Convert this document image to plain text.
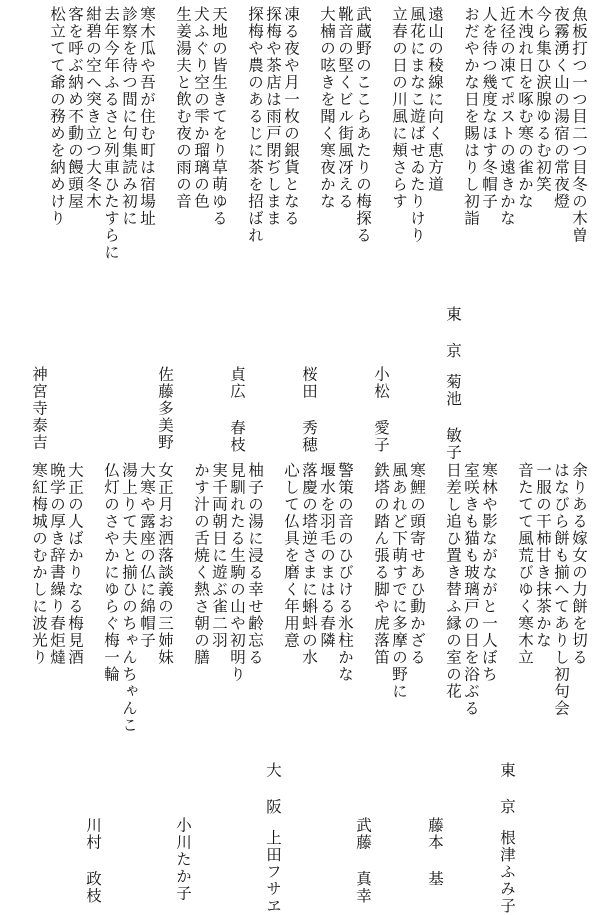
魚板打つ一つ目二つ目冬の木曽
夜霧湧く山の湯宿の常夜燈
今ら集ひ涙腺ゆるむ初笑
木洩れ日を啄む寒の雀かな
近径の凍てポストの遠きかな
人を待つ幾度なほす冬帽子
おだやかな日を賜はりし初詣
東 京菊池 敏子
遠山の稜線に向く恵方道
風花にまなこ遊ばせゐたりけり
立春の日の川風に頬さらす
小松 愛子
武蔵野のここらあたりの梅探る
靴音の堅くビル街風冴える
大楠の呟きを聞く寒夜かな
桜田 秀穂
凍る夜や月一枚の銀貨となる
探梅や茶店は雨戸閉ぢしまま
探梅や農のあるじに茶を招ばれ
貞広 春枝
天地の皆生きてをり草萌ゆる
犬ふぐり空の雫か瑠璃の色
生姜湯夫と飲む夜の雨の音
佐藤多美野
寒木瓜や吾が住む町は宿場址
診察を待つ間に句集読み初に
去年今年ふるさと列車ひたすらに
紺碧の空へ突き立つ大冬木
客を呼ぶ納め不動の饅頭屋
松立てて爺の務めを納めけり
神宮寺泰吉
余りある嫁女の力餅を切る
はなびら餅も揃へてありし初句会
一服の干柿甘き抹茶かな
音たてて風荒びゆく寒木立
東 京根津ふみ子
寒林や影ながながと一人ぼち
室咲きも猫も玻璃戸の日を浴ぶる
日差し追ひ置き替ふ縁の室の花
藤本 基
寒鯉の頭寄せあひ動かざる
風あれど下萌すでに多摩の野に
鉄塔の踏ん張る脚や虎落笛
武藤 真幸
警策の音のひびける氷柱かな
堰水を羽毛のまはる春隣
落慶の塔逆さまに蝌蚪の水
心して仏具を磨く年用意
大 阪上田フサヱ
柚子の湯に浸る幸せ齢忘る
見馴れたる生駒の山や初明り
実千両朝日に遊ぶ雀二羽
かす汁の舌焼く熱さ朝の膳
小川たか子
女正月お洒落談義の三姉妹
大寒や露座の仏に綿帽子
湯上りて夫と揃ひのちゃんちゃんこ
仏灯のさやかにゆらぐ梅一輪
川村 政枝
大正の人ばかりなる梅見酒
晩学の厚き辞書繰り春炬燵
寒紅梅城のむかしに波光り
